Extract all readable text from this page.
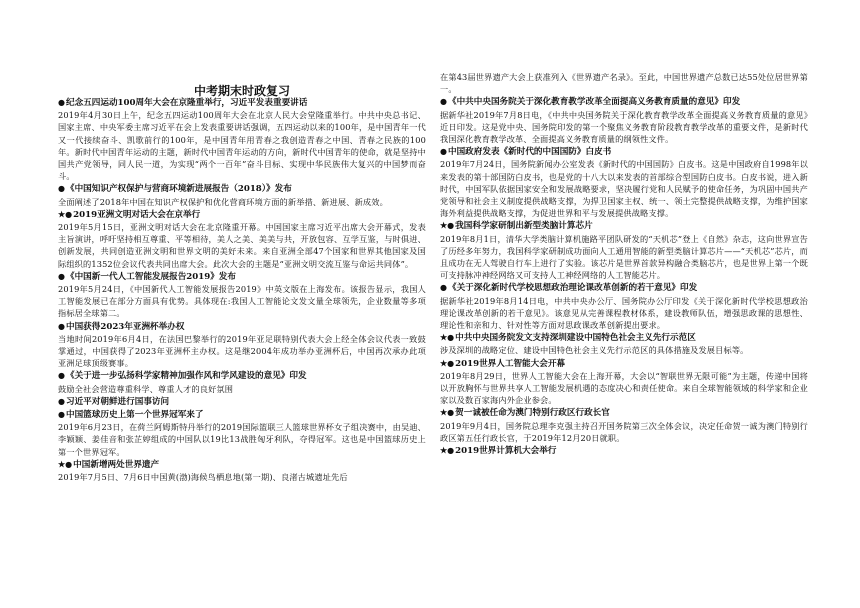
中考期末时政复习
● 纪念五四运动100周年大会在京隆重举行，习近平发表重要讲话

2019年4月30日上午，纪念五四运动100周年大会在北京人民大会堂隆重举行。中共中央总书记、国家主席、中央军委主席习近平在会上发表重要讲话强调，五四运动以来的100年，是中国青年一代又一代接续奋斗、凯歌前行的100年，是中国青年用青春之我创造青春之中国、青春之民族的100年。新时代中国青年运动的主题，新时代中国青年运动的方向，新时代中国青年的使命，就是坚持中国共产党领导，同人民一道，为实现“两个一百年”奋斗目标、实现中华民族伟大复兴的中国梦而奋斗。

● 《中国知识产权保护与营商环境新进展报告（2018）》发布

全面阐述了2018年中国在知识产权保护和优化营商环境方面的新举措、新进展、新成效。

★● 2019亚洲文明对话大会在京举行

2019年5月15日，亚洲文明对话大会在北京隆重开幕。中国国家主席习近平出席大会开幕式，发表主旨演讲，呼吁坚持相互尊重、平等相待，美人之美、美美与共，开放包容、互学互鉴，与时俱进、创新发展，共同创造亚洲文明和世界文明的美好未来。来自亚洲全部47个国家和世界其他国家及国际组织的1352位会议代表共同出席大会。此次大会的主题是“亚洲文明交流互鉴与命运共同体”。

● 《中国新一代人工智能发展报告2019》发布

2019年5月24日，《中国新代人工智能发展报告2019》中英文版在上海发布。该报告显示，我国人工智能发展已在部分方面具有优势。具体现在:我国人工智能论文发文量全球领先，企业数量等多项指标居全球第二。

● 中国获得2023年亚洲杯举办权

当地时间2019年6月4日，在法国巴黎举行的2019年亚足联特别代表大会上经全体会议代表一致鼓掌通过，中国获得了2023年亚洲杯主办权。这是继2004年成功举办亚洲杯后，中国再次承办此项亚洲足球顶级赛事。

● 《关于进一步弘扬科学家精神加强作风和学风建设的意见》印发

鼓励全社会营造尊重科学、尊重人才的良好氛围

● 习近平对朝鲜进行国事访问
● 中国篮球历史上第一个世界冠军来了

2019年6月23日，在荷兰阿姆斯特丹举行的2019国际篮联三人篮球世界杯女子组决赛中，由吴迪、李颖颖、姜佳音和张芷婷组成的中国队以19比13战胜匈牙利队，夺得冠军。这也是中国篮球历史上第一个世界冠军。

★● 中国新增两处世界遗产

2019年7月5日、7月6日中国黄(渤)海候鸟栖息地(第一期)、良渚古城遗址先后

在第43届世界遗产大会上获准列入《世界遗产名录》。至此，中国世界遗产总数已达55处位居世界第一。

● 《中共中央国务院关于深化教育教学改革全面提高义务教育质量的意见》印发

据新华社2019年7月8日电，《中共中央国务院关于深化教育教学改革全面提高义务教育质量的意见》近日印发。这是党中央、国务院印发的第一个聚焦义务教育阶段教育教学改革的重要文件，是新时代我国深化教育教学改革、全面提高义务教育质量的纲领性文件。

● 中国政府发表《新时代的中国国防》白皮书

2019年7月24日，国务院新闻办公室发表《新时代的中国国防》白皮书。这是中国政府自1998年以来发表的第十部国防白皮书，也是党的十八大以来发表的首部综合型国防白皮书。白皮书说，进入新时代，中国军队依据国家安全和发展战略要求，坚决履行党和人民赋予的使命任务，为巩固中国共产党领导和社会主义制度提供战略支撑，为捍卫国家主权、统一、领土完整提供战略支撑，为维护国家海外利益提供战略支撑，为促进世界和平与发展提供战略支撑。

★● 我国科学家研制出新型类脑计算芯片

2019年8月1日，清华大学类脑计算机施路平团队研发的“天机芯”登上《自然》杂志，这向世界宣告了历经多年努力，我国科学家研制成功面向人工通用智能的新型类脑计算芯片——“天机芯”芯片，而且成功在无人驾驶自行车上进行了实验。该芯片是世界首款异构融合类脑芯片，也是世界上第一个既可支持脉冲神经网络又可支持人工神经网络的人工智能芯片。

● 《关于深化新时代学校思想政治理论课改革创新的若干意见》印发

据新华社2019年8月14日电，中共中央办公厅、国务院办公厅印发《关于深化新时代学校思想政治理论课改革创新的若干意见》。该意见从完善课程教材体系，建设教师队伍，增强思政课的思想性、理论性和亲和力、针对性等方面对思政课改革创新提出要求。

★● 中共中央国务院发文支持深圳建设中国特色社会主义先行示范区

涉及深圳的战略定位、建设中国特色社会主义先行示范区的具体措施及发展目标等。

★● 2019世界人工智能大会开幕

2019年8月29日，世界人工智能大会在上海开幕，大会以“智联世界无限可能”为主题，传递中国将以开放胸怀与世界共享人工智能发展机遇的态度决心和责任使命。来自全球智能领域的科学家和企业家以及数百家海内外企业参会。

★● 贺一诚被任命为澳门特别行政区行政长官

2019年9月4日，国务院总理李克强主持召开国务院第三次全体会议，决定任命贺一诚为澳门特别行政区第五任行政长官，于2019年12月20日就职。

★● 2019世界计算机大会举行
